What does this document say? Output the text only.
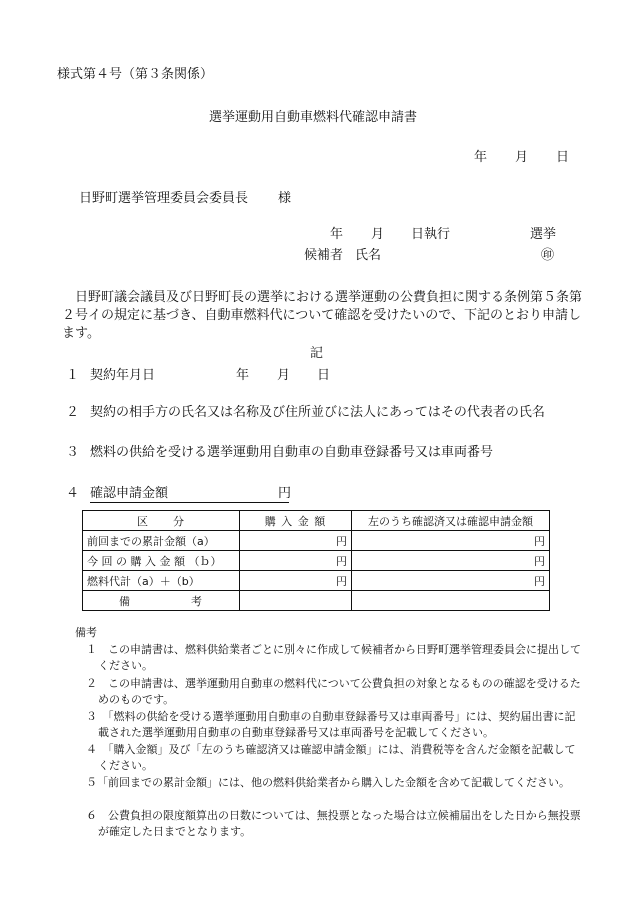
様式第４号（第３条関係）
選挙運動用自動車燃料代確認申請書
年 月 日
日野町選挙管理委員会委員長 様
年 月 日執行	選挙
候補者 氏名	㊞
日野町議会議員及び日野町長の選挙における選挙運動の公費負担に関する条例第５条第２号イの規定に基づき、自動車燃料代について確認を受けたいので、下記のとおり申請します。
記
１ 契約年月日	年 月 日
２ 契約の相手方の氏名又は名称及び住所並びに法人にあってはその代表者の氏名
３ 燃料の供給を受ける選挙運動用自動車の自動車登録番号又は車両番号
４ 確認申請金額	円
区　　分	購 入 金 額	左のうち確認済又は確認申請金額
前回までの累計金額（a）	円	円
今 回 の 購 入 金 額 （ｂ）	円	円
燃料代計（a）＋（b）	円	円
備　　　　　考		
備考
１　この申請書は、燃料供給業者ごとに別々に作成して候補者から日野町選挙管理委員会に提出してください。
２　この申請書は、選挙運動用自動車の燃料代について公費負担の対象となるものの確認を受けるためのものです。
３　「燃料の供給を受ける選挙運動用自動車の自動車登録番号又は車両番号」には、契約届出書に記載された選挙運動用自動車の自動車登録番号又は車両番号を記載してください。
４　「購入金額」及び「左のうち確認済又は確認申請金額」には、消費税等を含んだ金額を記載してください。
５「前回までの累計金額」には、他の燃料供給業者から購入した金額を含めて記載してください。
６　公費負担の限度額算出の日数については、無投票となった場合は立候補届出をした日から無投票が確定した日までとなります。
